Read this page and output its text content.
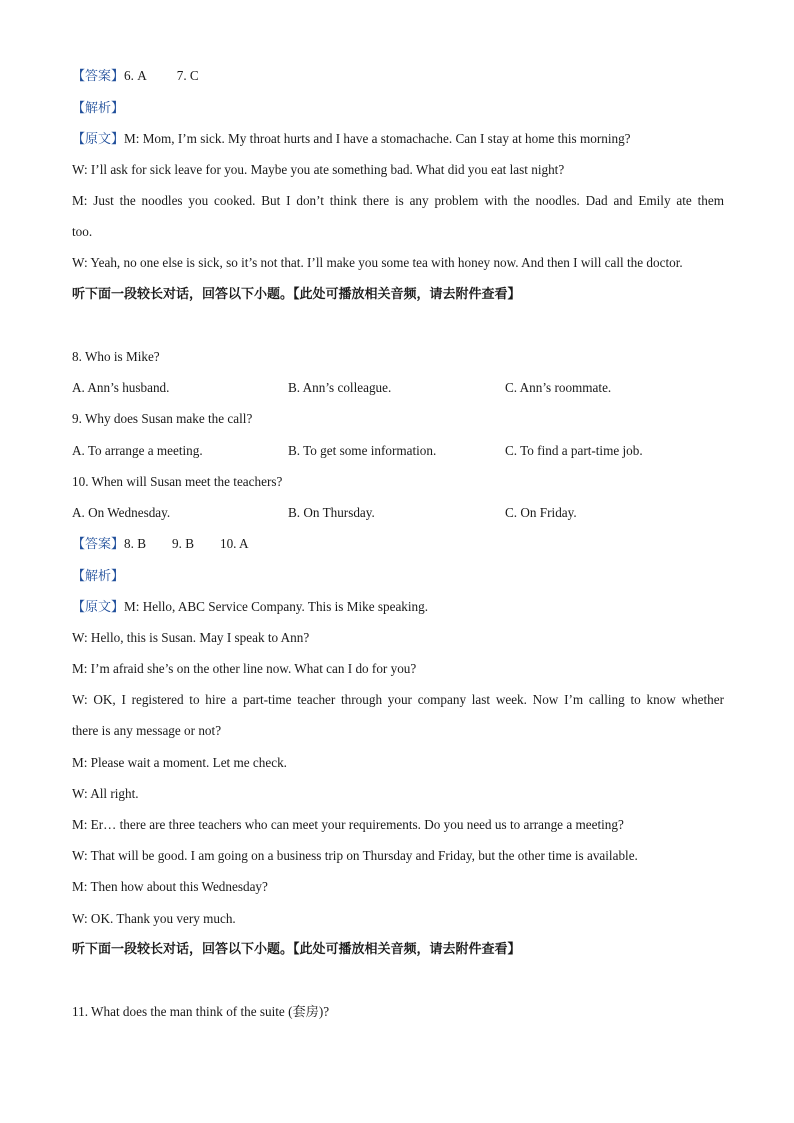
【答案】6. A 7. C
【解析】
【原文】M: Mom, I’m sick. My throat hurts and I have a stomachache. Can I stay at home this morning?
W: I’ll ask for sick leave for you. Maybe you ate something bad. What did you eat last night?
M: Just the noodles you cooked. But I don’t think there is any problem with the noodles. Dad and Emily ate them
too.
W: Yeah, no one else is sick, so it’s not that. I’ll make you some tea with honey now. And then I will call the doctor.
听下面一段较长对话，回答以下小题。【此处可播放相关音频，请去附件查看】
8. Who is Mike?
A. Ann’s husband.	B. Ann’s colleague.	C. Ann’s roommate.
9. Why does Susan make the call?
A. To arrange a meeting.	B. To get some information.	C. To find a part-time job.
10. When will Susan meet the teachers?
A. On Wednesday.	B. On Thursday.	C. On Friday.
【答案】8. B 9. B 10. A
【解析】
【原文】M: Hello, ABC Service Company. This is Mike speaking.
W: Hello, this is Susan. May I speak to Ann?
M: I’m afraid she’s on the other line now. What can I do for you?
W: OK, I registered to hire a part-time teacher through your company last week. Now I’m calling to know whether
there is any message or not?
M: Please wait a moment. Let me check.
W: All right.
M: Er… there are three teachers who can meet your requirements. Do you need us to arrange a meeting?
W: That will be good. I am going on a business trip on Thursday and Friday, but the other time is available.
M: Then how about this Wednesday?
W: OK. Thank you very much.
听下面一段较长对话，回答以下小题。【此处可播放相关音频，请去附件查看】
11. What does the man think of the suite (套房)?
